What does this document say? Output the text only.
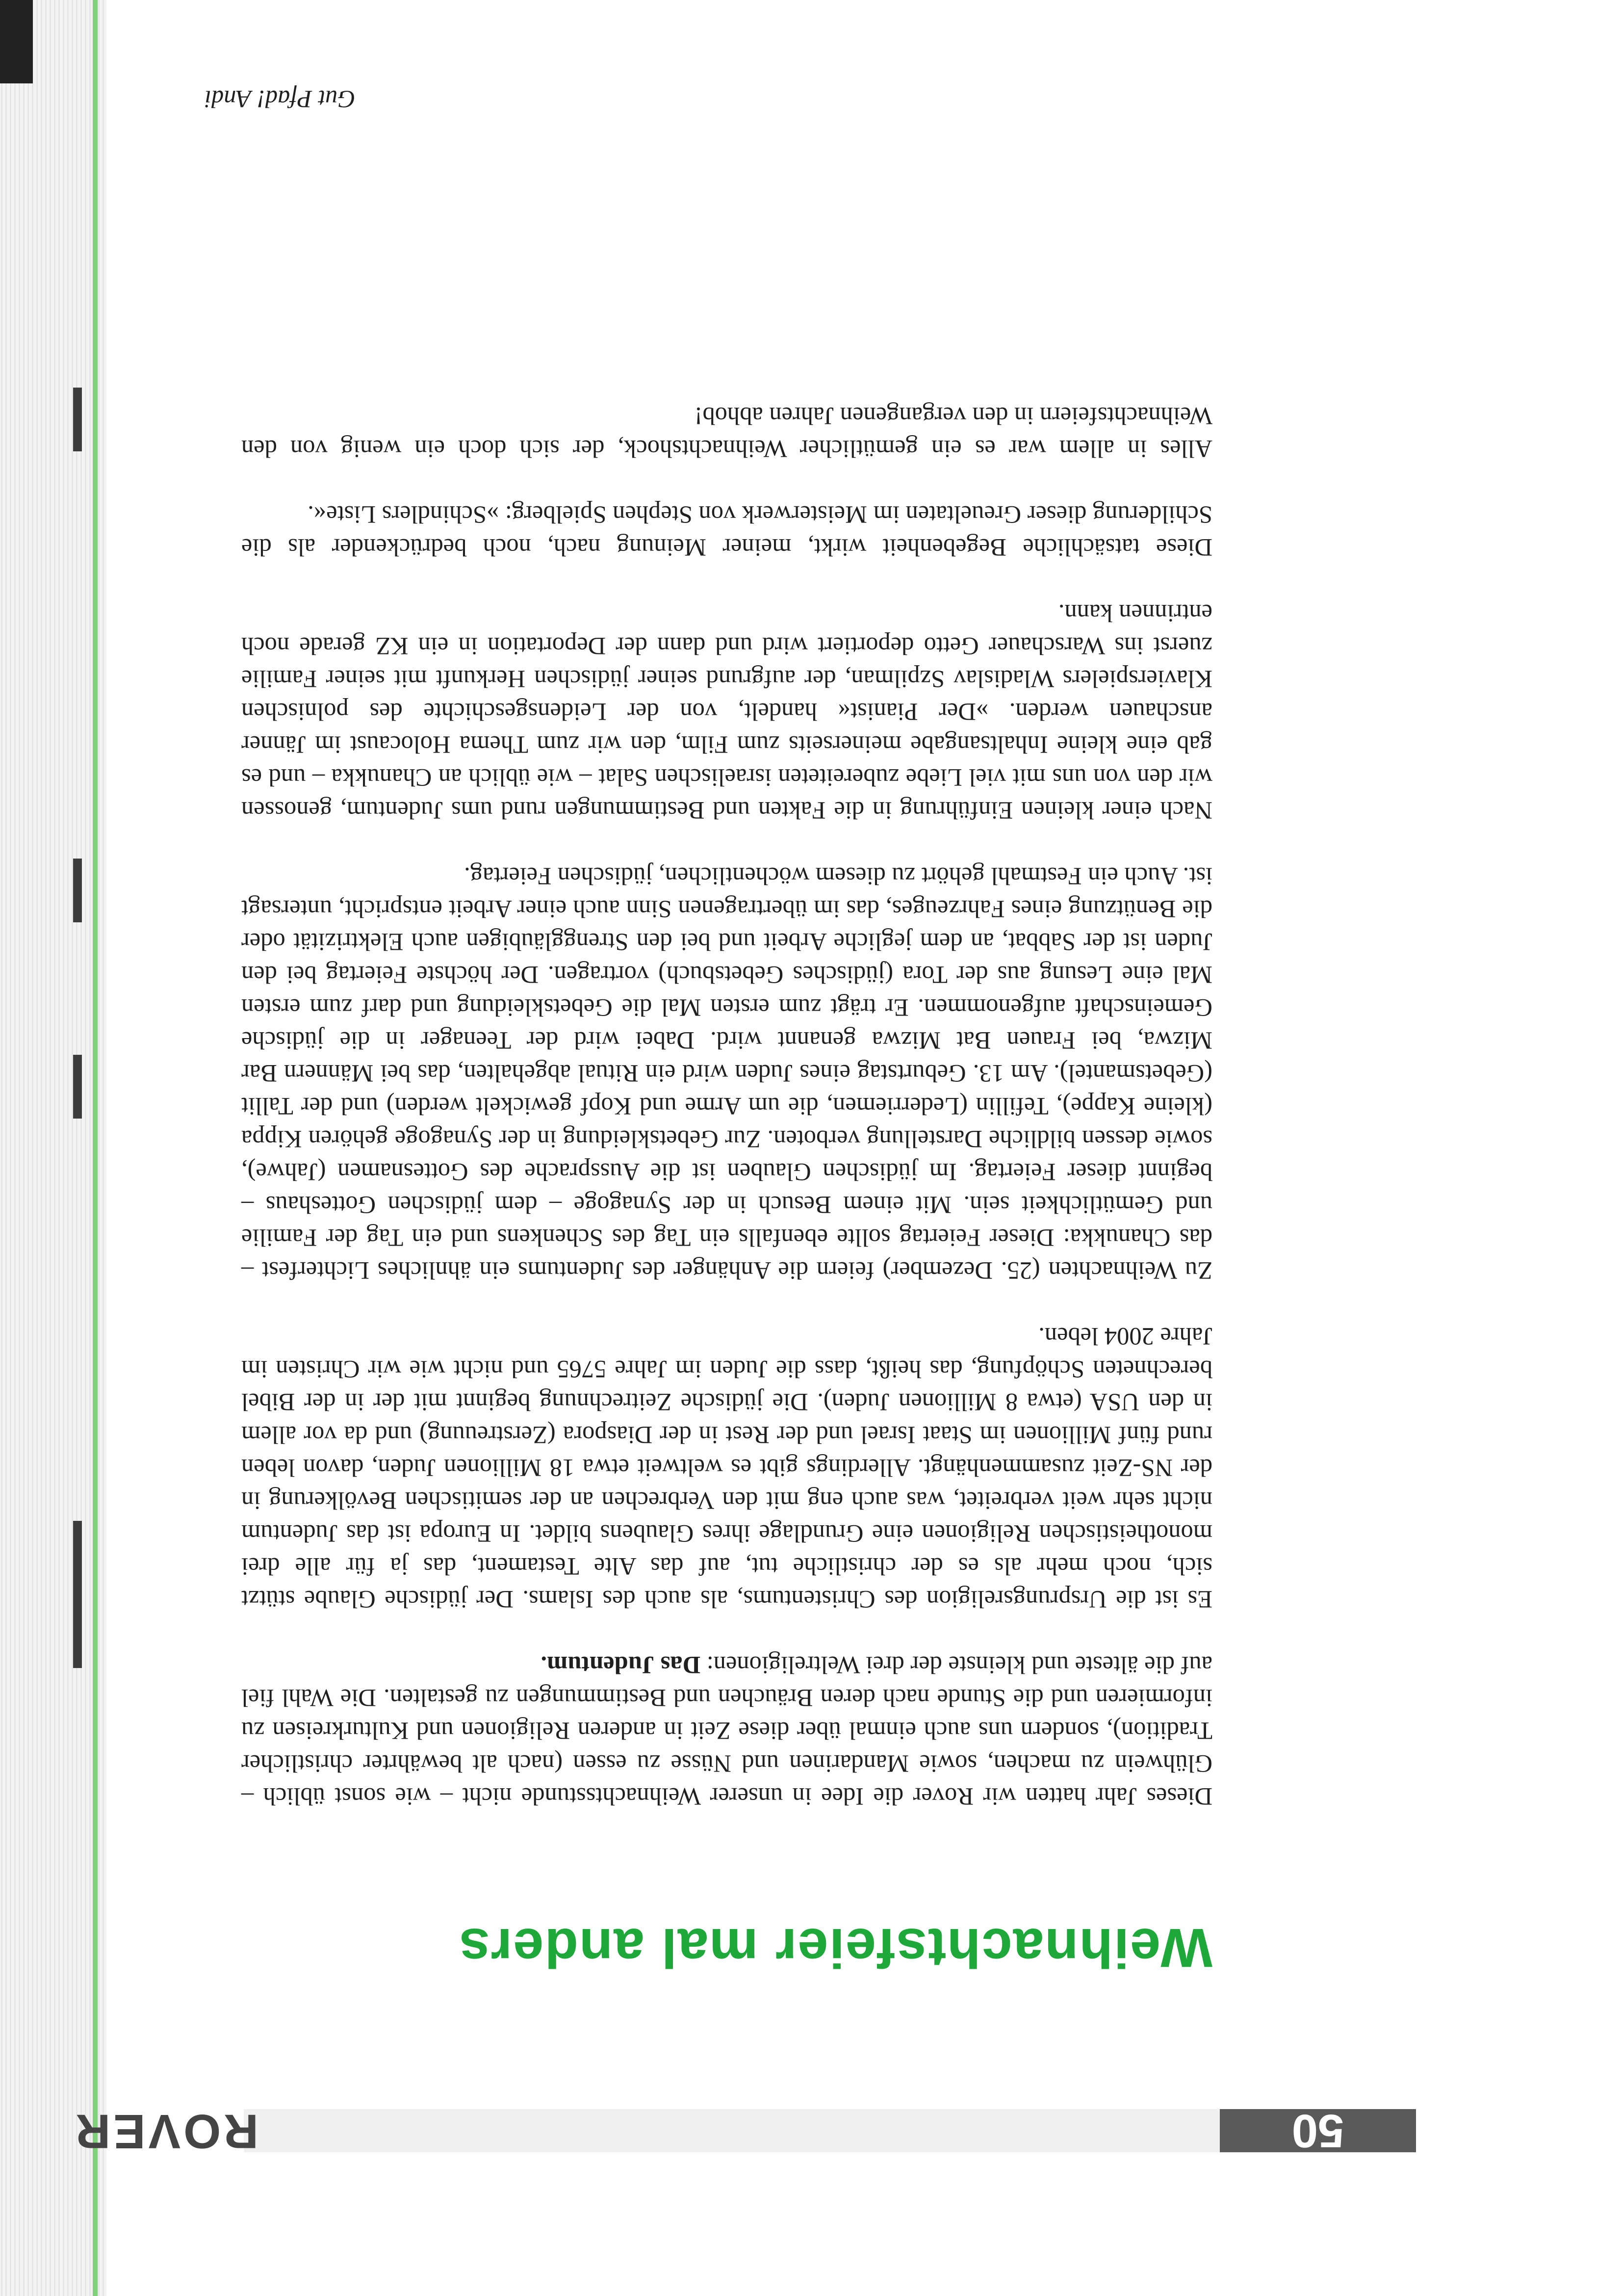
50
ROVER
Weihnachtsfeier mal anders

Dieses Jahr hatten wir Rover die Idee in unserer Weihnachtsstunde nicht – wie sonst üblich – Glühwein zu machen, sowie Mandarinen und Nüsse zu essen (nach alt bewährter christlicher Tradition), sondern uns auch einmal über diese Zeit in anderen Religionen und Kulturkreisen zu informieren und die Stunde nach deren Bräuchen und Bestimmungen zu gestalten. Die Wahl fiel auf die älteste und kleinste der drei Weltreligionen: Das Judentum.

Es ist die Ursprungsreligion des Christentums, als auch des Islams. Der jüdische Glaube stützt sich, noch mehr als es der christliche tut, auf das Alte Testament, das ja für alle drei monotheistischen Religionen eine Grundlage ihres Glaubens bildet. In Europa ist das Judentum nicht sehr weit verbreitet, was auch eng mit den Verbrechen an der semitischen Bevölkerung in der NS-Zeit zusammenhängt. Allerdings gibt es weltweit etwa 18 Millionen Juden, davon leben rund fünf Millionen im Staat Israel und der Rest in der Diaspora (Zerstreuung) und da vor allem in den USA (etwa 8 Millionen Juden). Die jüdische Zeitrechnung beginnt mit der in der Bibel berechneten Schöpfung, das heißt, dass die Juden im Jahre 5765 und nicht wie wir Christen im Jahre 2004 leben.

Zu Weihnachten (25. Dezember) feiern die Anhänger des Judentums ein ähnliches Lichterfest – das Chanukka: Dieser Feiertag sollte ebenfalls ein Tag des Schenkens und ein Tag der Familie und Gemütlichkeit sein. Mit einem Besuch in der Synagoge – dem jüdischen Gotteshaus – beginnt dieser Feiertag. Im jüdischen Glauben ist die Aussprache des Gottesnamen (Jahwe), sowie dessen bildliche Darstellung verboten. Zur Gebetskleidung in der Synagoge gehören Kippa (kleine Kappe), Tefillin (Lederriemen, die um Arme und Kopf gewickelt werden) und der Tallit (Gebetsmantel). Am 13. Geburtstag eines Juden wird ein Ritual abgehalten, das bei Männern Bar Mizwa, bei Frauen Bat Mizwa genannt wird. Dabei wird der Teenager in die jüdische Gemeinschaft aufgenommen. Er trägt zum ersten Mal die Gebetskleidung und darf zum ersten Mal eine Lesung aus der Tora (jüdisches Gebetsbuch) vortragen. Der höchste Feiertag bei den Juden ist der Sabbat, an dem jegliche Arbeit und bei den Strenggläubigen auch Elektrizität oder die Benützung eines Fahrzeuges, das im übertragenen Sinn auch einer Arbeit entspricht, untersagt ist. Auch ein Festmahl gehört zu diesem wöchentlichen, jüdischen Feiertag.

Nach einer kleinen Einführung in die Fakten und Bestimmungen rund ums Judentum, genossen wir den von uns mit viel Liebe zubereiteten israelischen Salat – wie üblich an Chanukka – und es gab eine kleine Inhaltsangabe meinerseits zum Film, den wir zum Thema Holocaust im Jänner anschauen werden. »Der Pianist« handelt, von der Leidensgeschichte des polnischen Klavierspielers Wladislav Szpilman, der aufgrund seiner jüdischen Herkunft mit seiner Familie zuerst ins Warschauer Getto deportiert wird und dann der Deportation in ein KZ gerade noch entrinnen kann.

Diese tatsächliche Begebenheit wirkt, meiner Meinung nach, noch bedrückender als die Schilderung dieser Greueltaten im Meisterwerk von Stephen Spielberg: »Schindlers Liste«.

Alles in allem war es ein gemütlicher Weihnachtshock, der sich doch ein wenig von den Weihnachtsfeiern in den vergangenen Jahren abhob!

Gut Pfad! Andi
